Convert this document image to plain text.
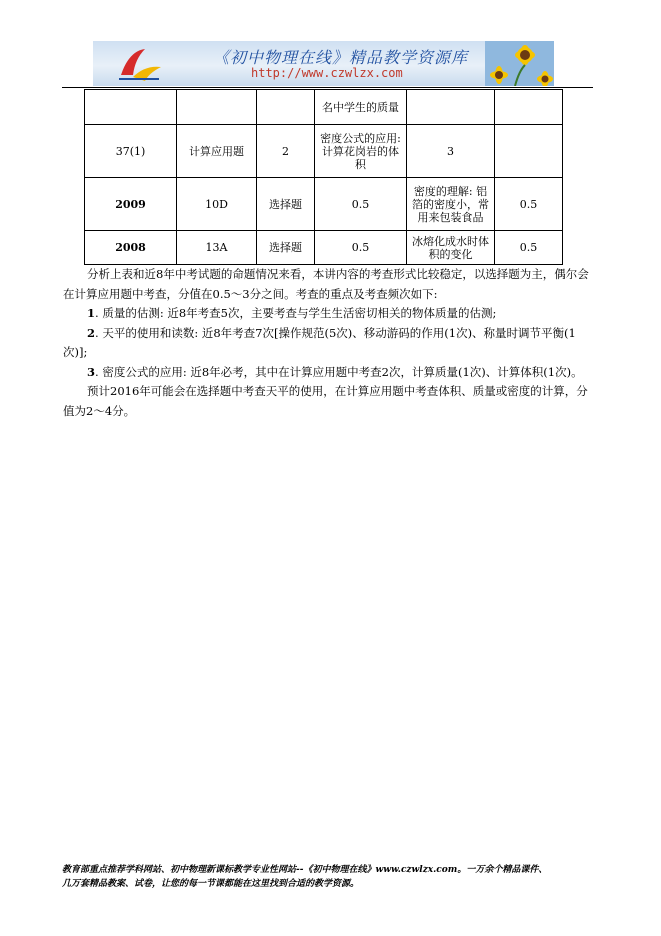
《初中物理在线》精品教学资源库
http://www.czwlzx.com
			名中学生的质量		
37(1)	计算应用题	2	密度公式的应用: 计算花岗岩的体积	3	
2009	10D	选择题	0.5	密度的理解: 铝箔的密度小，常用来包装食品	0.5
2008	13A	选择题	0.5	冰熔化成水时体积的变化	0.5

分析上表和近8年中考试题的命题情况来看，本讲内容的考查形式比较稳定，以选择题为主，偶尔会在计算应用题中考查，分值在0.5～3分之间。考查的重点及考查频次如下:

1. 质量的估测: 近8年考查5次，主要考查与学生生活密切相关的物体质量的估测;

2. 天平的使用和读数: 近8年考查7次[操作规范(5次)、移动游码的作用(1次)、称量时调节平衡(1次)];

3. 密度公式的应用: 近8年必考，其中在计算应用题中考查2次，计算质量(1次)、计算体积(1次)。

预计2016年可能会在选择题中考查天平的使用，在计算应用题中考查体积、质量或密度的计算，分值为2～4分。

教育部重点推荐学科网站、初中物理新课标教学专业性网站--《初中物理在线》www.czwlzx.com。一万余个精品课件、
几万套精品教案、试卷，让您的每一节课都能在这里找到合适的教学资源。
